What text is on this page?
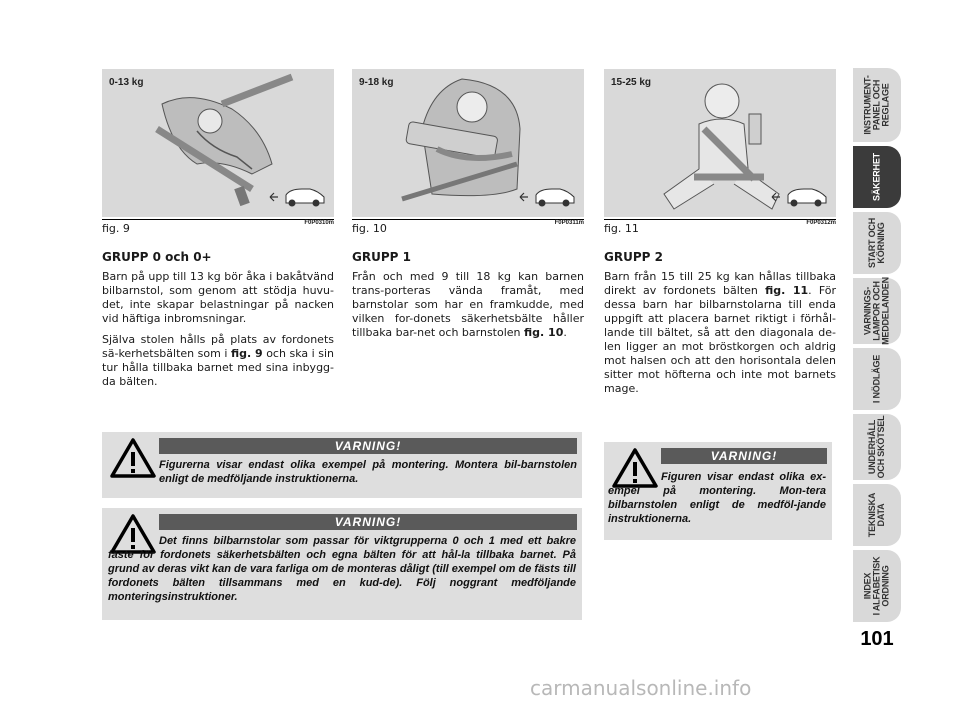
0-13 kg
fig. 9	F0P0310m
9-18 kg
fig. 10	F0P0311m
15-25 kg
fig. 11	F0P0312m
GRUPP 0 och 0+

Barn på upp till 13 kg bör åka i bakåtvänd bilbarnstol, som genom att stödja huvu-det, inte skapar belastningar på nacken vid häftiga inbromsningar.

Själva stolen hålls på plats av fordonets sä-kerhetsbälten som i fig. 9 och ska i sin tur hålla tillbaka barnet med sina inbygg-da bälten.

GRUPP 1

Från och med 9 till 18 kg kan barnen trans-porteras vända framåt, med barnstolar som har en framkudde, med vilken for-donets säkerhetsbälte håller tillbaka bar-net och barnstolen fig. 10.

GRUPP 2

Barn från 15 till 25 kg kan hållas tillbaka direkt av fordonets bälten fig. 11. För dessa barn har bilbarnstolarna till enda uppgift att placera barnet riktigt i förhål-lande till bältet, så att den diagonala de-len ligger an mot bröstkorgen och aldrig mot halsen och att den horisontala delen sitter mot höfterna och inte mot barnets mage.

VARNING!
Figurerna visar endast olika exempel på montering. Montera bil-barnstolen enligt de medföljande instruktionerna.
VARNING!
Det finns bilbarnstolar som passar för viktgrupperna 0 och 1 med ett bakre fäste för fordonets säkerhetsbälten och egna bälten för att hål-la tillbaka barnet. På grund av deras vikt kan de vara farliga om de monteras dåligt (till exempel om de fästs till fordonets bälten tillsammans med en kud-de). Följ noggrant medföljande monteringsinstruktioner.
VARNING!
Figuren visar endast olika ex-empel på montering. Mon-tera bilbarnstolen enligt de medföl-jande instruktionerna.
INSTRUMENT-
PANEL OCH
REGLAGE
SÄKERHET
START OCH
KÖRNING
VARNINGS-
LAMPOR OCH
MEDDELANDEN
I NÖDLÄGE
UNDERHÅLL
OCH SKÖTSEL
TEKNISKA
DATA
INDEX
I ALFABETISK
ORDNING
101
carmanualsonline.info
